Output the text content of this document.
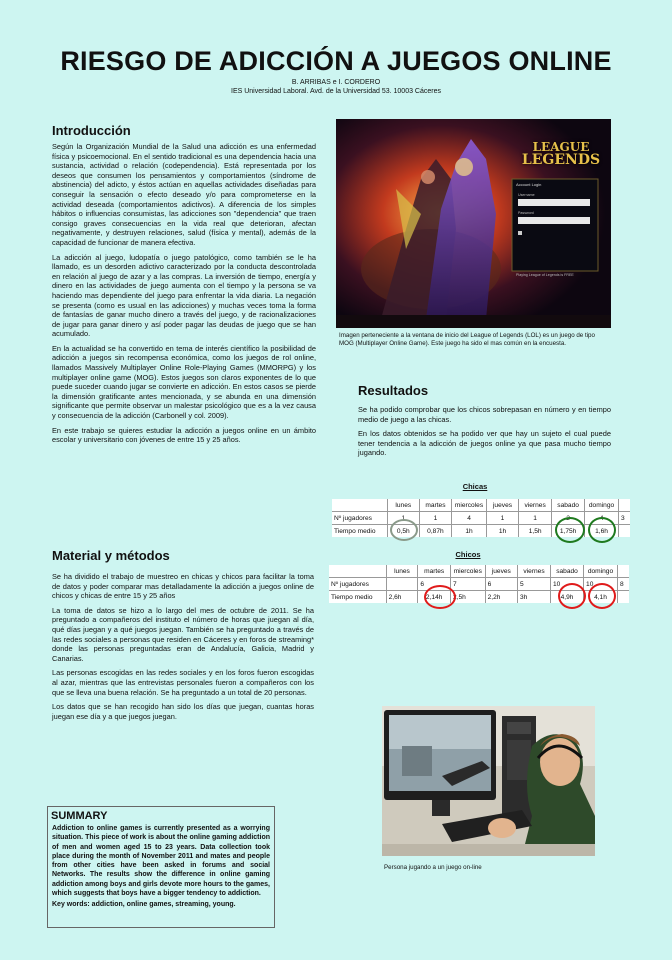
RIESGO DE ADICCIÓN A JUEGOS ONLINE
B. ARRIBAS e I. CORDERO
IES Universidad Laboral. Avd. de la Universidad 53. 10003 Cáceres
Introducción

Según la Organización Mundial de la Salud una adicción es una enfermedad física y psicoemocional. En el sentido tradicional es una dependencia hacia una sustancia, actividad o relación (codependencia). Está representada por los deseos que consumen los pensamientos y comportamientos (síndrome de abstinencia) del adicto, y éstos actúan en aquellas actividades diseñadas para conseguir la sensación o efecto deseado y/o para comprometerse en la actividad deseada (comportamientos adictivos). A diferencia de los simples hábitos o influencias consumistas, las adicciones son "dependencia" que traen consigo graves consecuencias en la vida real que deterioran, afectan negativamente, y destruyen relaciones, salud (física y mental), además de la capacidad de funcionar de manera efectiva.

La adicción al juego, ludopatía o juego patológico, como también se le ha llamado, es un desorden adictivo caracterizado por la conducta descontrolada en relación al juego de azar y a las compras. La inversión de tiempo, energía y dinero en las actividades de juego aumenta con el tiempo y la persona se va haciendo mas dependiente del juego para enfrentar la vida diaria. La negación se presenta (como es usual en las adicciones) y muchas veces toma la forma de fantasías de ganar mucho dinero a través del juego, y de racionalizaciones de jugar para ganar dinero y así poder pagar las deudas de juego que se han acumulado.

En la actualidad se ha convertido en tema de interés científico la posibilidad de adicción a juegos sin recompensa económica, como los juegos de rol online, llamados Massively Multiplayer Online Role-Playing Games (MMORPG) y los multiplayer online game (MOG). Estos juegos son claros exponentes de lo que puede suceder cuando jugar se convierte en adicción. En estos casos se pierde la dimensión gratificante antes mencionada, y se abunda en una dimensión significante que permite observar un malestar psicológico que es a la vez causa y consecuencia de la adicción (Carbonell y col. 2009).

En este trabajo se quieres estudiar la adicción a juegos online en un ámbito escolar y universitario con jóvenes de entre 15 y 25 años.

LEAGUE
LEGENDS
Account Login
Username
Password
Playing League of Legends is FREE
Imagen perteneciente a la ventana de inicio del League of Legends (LOL) es un juego de tipo MOG (Multiplayer Online Game). Este juego ha sido el mas común en la encuesta.
Resultados

Se ha podido comprobar que los chicos sobrepasan en número y en tiempo medio de juego a las chicas.

En los datos obtenidos se ha podido ver que hay un sujeto el cual puede tener tendencia a la adicción de juegos online ya que pasa mucho tiempo jugando.

Chicas
	lunes	martes	miercoles	jueves	viernes	sabado	domingo	
Nº jugadores	1	1	4	1	1	2	4	3
Tiempo medio	0,5h	0,87h	1h	1h	1,5h	1,75h	1,6h	
Chicos
	lunes	martes	miercoles	jueves	viernes	sabado	domingo	
Nº jugadores		6	7	6	5	10	10	8
Tiempo medio	2,6h	2,14h	2,5h	2,2h	3h	4,9h	4,1h	
Material y métodos

Se ha dividido el trabajo de muestreo en chicas y chicos para facilitar la toma de datos y poder comparar mas detalladamente la adicción a juegos online de chicos y chicas de entre 15 y 25 años

La toma de datos se hizo a lo largo del mes de octubre de 2011. Se ha preguntado a compañeros del instituto el número de horas que juegan al día, qué días juegan y a qué juegos juegan. También se ha preguntado a través de las redes sociales a personas que residen en Cáceres y en foros de streaming* donde las personas preguntadas eran de Andalucía, Galicia, Madrid y Canarias.

Las personas escogidas en las redes sociales y en los foros fueron escogidas al azar, mientras que las entrevistas personales fueron a compañeros con los que se lleva una buena relación. Se ha preguntado a un total de 20 personas.

Los datos que se han recogido han sido los días que juegan, cuantas horas juegan ese día y a que juegos juegan.

Persona jugando a un juego on-line
SUMMARY
Addiction to online games is currently presented as a worrying situation. This piece of work is about the online gaming addiction of men and women aged 15 to 23 years. Data collection took place during the month of November 2011 and mates and people from other cities have been asked in forums and social Networks. The results show the difference in online gaming addiction among boys and girls devote more hours to the games, which suggests that boys have a bigger tendency to addiction.
Key words: addiction, online games, streaming, young.
